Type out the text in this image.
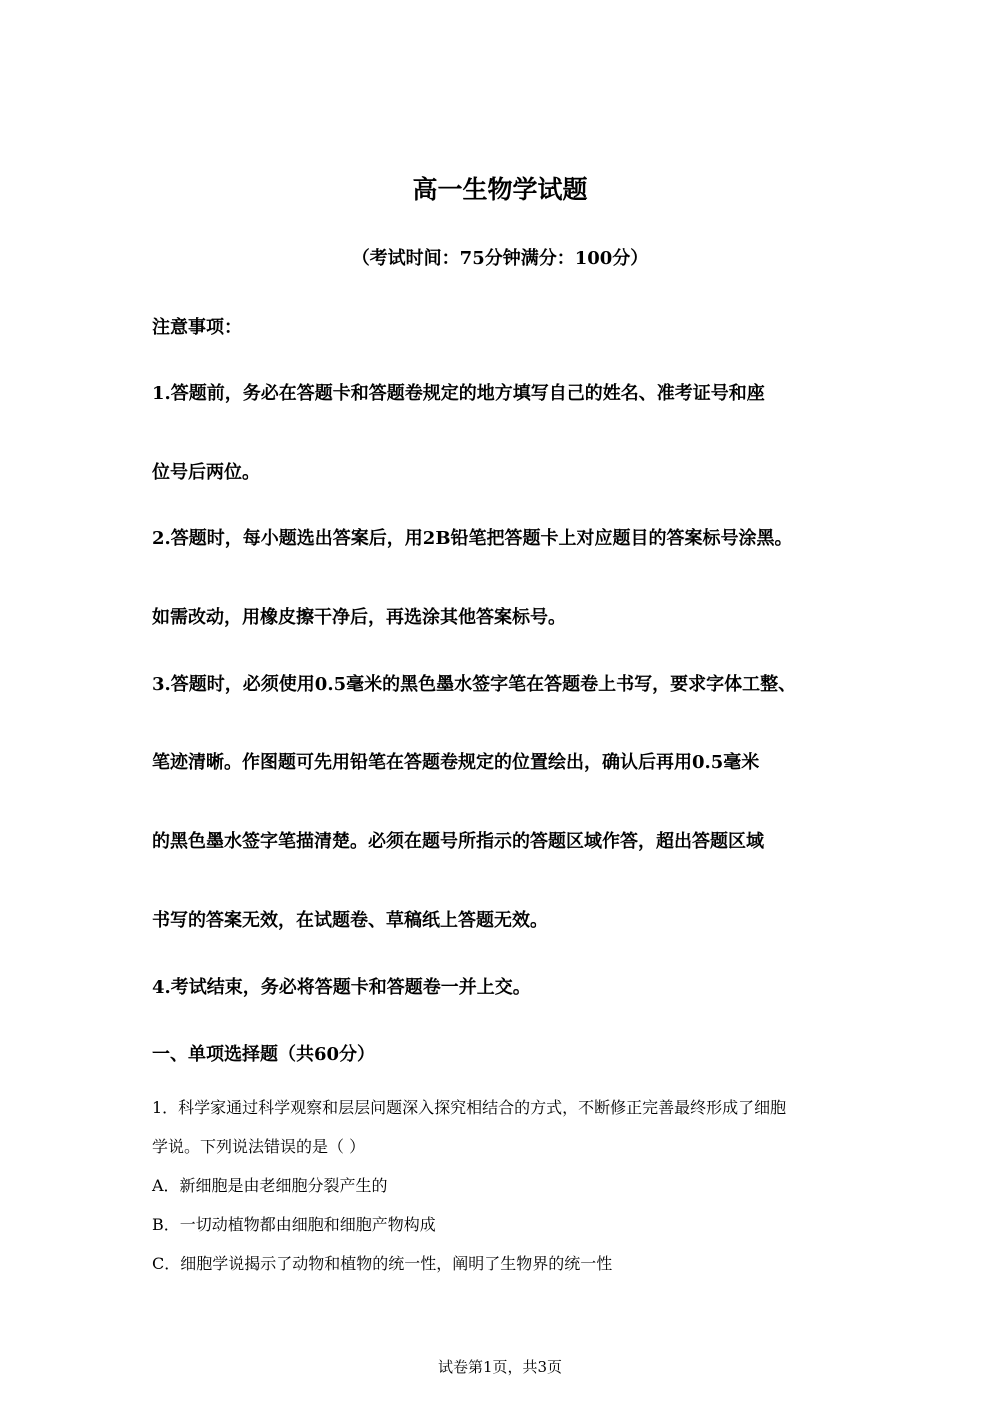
高一生物学试题
（考试时间：75分钟满分：100分）
注意事项：
1.答题前，务必在答题卡和答题卷规定的地方填写自己的姓名、准考证号和座
位号后两位。
2.答题时，每小题选出答案后，用2B铅笔把答题卡上对应题目的答案标号涂黑。
如需改动，用橡皮擦干净后，再选涂其他答案标号。
3.答题时，必须使用0.5毫米的黑色墨水签字笔在答题卷上书写，要求字体工整、
笔迹清晰。作图题可先用铅笔在答题卷规定的位置绘出，确认后再用0.5毫米
的黑色墨水签字笔描清楚。必须在题号所指示的答题区域作答，超出答题区域
书写的答案无效，在试题卷、草稿纸上答题无效。
4.考试结束，务必将答题卡和答题卷一并上交。
一、单项选择题（共60分）
1．科学家通过科学观察和层层问题深入探究相结合的方式，不断修正完善最终形成了细胞
学说。下列说法错误的是（ ）
A．新细胞是由老细胞分裂产生的
B．一切动植物都由细胞和细胞产物构成
C．细胞学说揭示了动物和植物的统一性，阐明了生物界的统一性
试卷第1页，共3页
